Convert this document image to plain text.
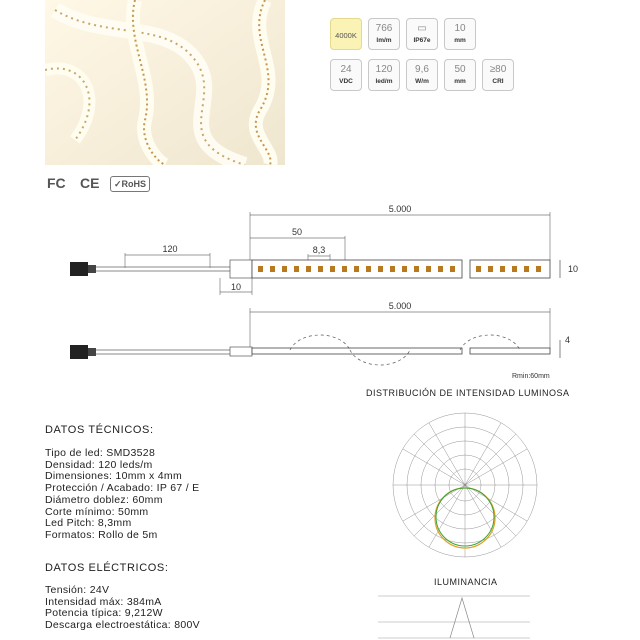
FC CE ✓ RoHS
4000K
766
lm/m
▭
IP67e
10
mm
24
VDC
120
led/m
9,6
W/m
50
mm
≥80
CRI
5.000
50
8,3
120
10
10
5.000
4
Rmin:60mm
DATOS TÉCNICOS:
Tipo de led: SMD3528
Densidad: 120 leds/m
Dimensiones: 10mm x 4mm
Protección / Acabado: IP 67 / E
Diámetro doblez: 60mm
Corte mínimo: 50mm
Led Pitch: 8,3mm
Formatos: Rollo de 5m
DATOS ELÉCTRICOS:
Tensión: 24V
Intensidad máx: 384mA
Potencia típica: 9,212W
Descarga electroestática: 800V
DISTRIBUCIÓN DE INTENSIDAD LUMINOSA
ILUMINANCIA
